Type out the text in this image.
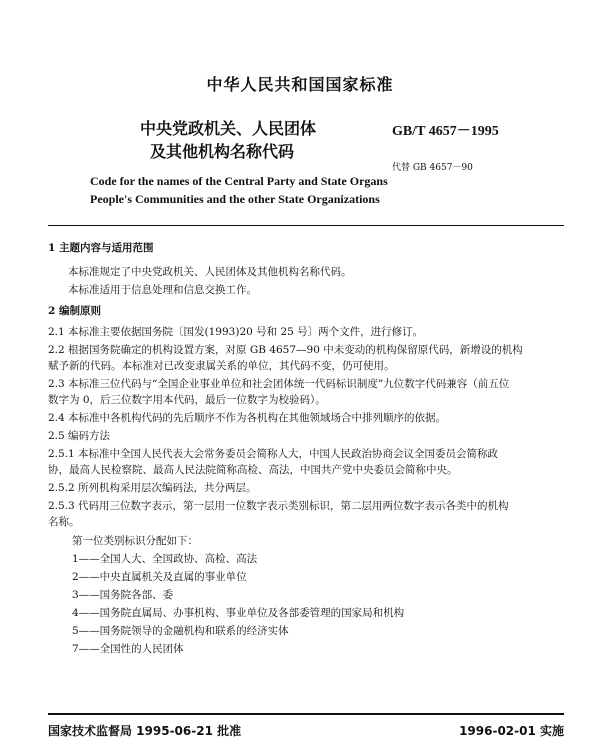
中华人民共和国国家标准
中央党政机关、人民团体
及其他机构名称代码
GB/T 4657－1995
代替 GB 4657－90
Code for the names of the Central Party and State Organs
People's Communities and the other State Organizations
1 主题内容与适用范围
本标准规定了中央党政机关、人民团体及其他机构名称代码。
本标准适用于信息处理和信息交换工作。
2 编制原则
2.1 本标准主要依据国务院〔国发(1993)20 号和 25 号〕两个文件，进行修订。
2.2 根据国务院确定的机构设置方案，对原 GB 4657—90 中未变动的机构保留原代码，新增设的机构
赋予新的代码。本标准对已改变隶属关系的单位，其代码不变，仍可使用。
2.3 本标准三位代码与“全国企业事业单位和社会团体统一代码标识制度”九位数字代码兼容（前五位
数字为 0，后三位数字用本代码，最后一位数字为校验码）。
2.4 本标准中各机构代码的先后顺序不作为各机构在其他领域场合中排列顺序的依据。
2.5 编码方法
2.5.1 本标准中全国人民代表大会常务委员会简称人大，中国人民政治协商会议全国委员会简称政
协，最高人民检察院、最高人民法院简称高检、高法，中国共产党中央委员会简称中央。
2.5.2 所列机构采用层次编码法，共分两层。
2.5.3 代码用三位数字表示，第一层用一位数字表示类别标识，第二层用两位数字表示各类中的机构
名称。
第一位类别标识分配如下：
1——全国人大、全国政协、高检、高法
2——中央直属机关及直属的事业单位
3——国务院各部、委
4——国务院直属局、办事机构、事业单位及各部委管理的国家局和机构
5——国务院领导的金融机构和联系的经济实体
7——全国性的人民团体
国家技术监督局 1995-06-21 批准	1996-02-01 实施
